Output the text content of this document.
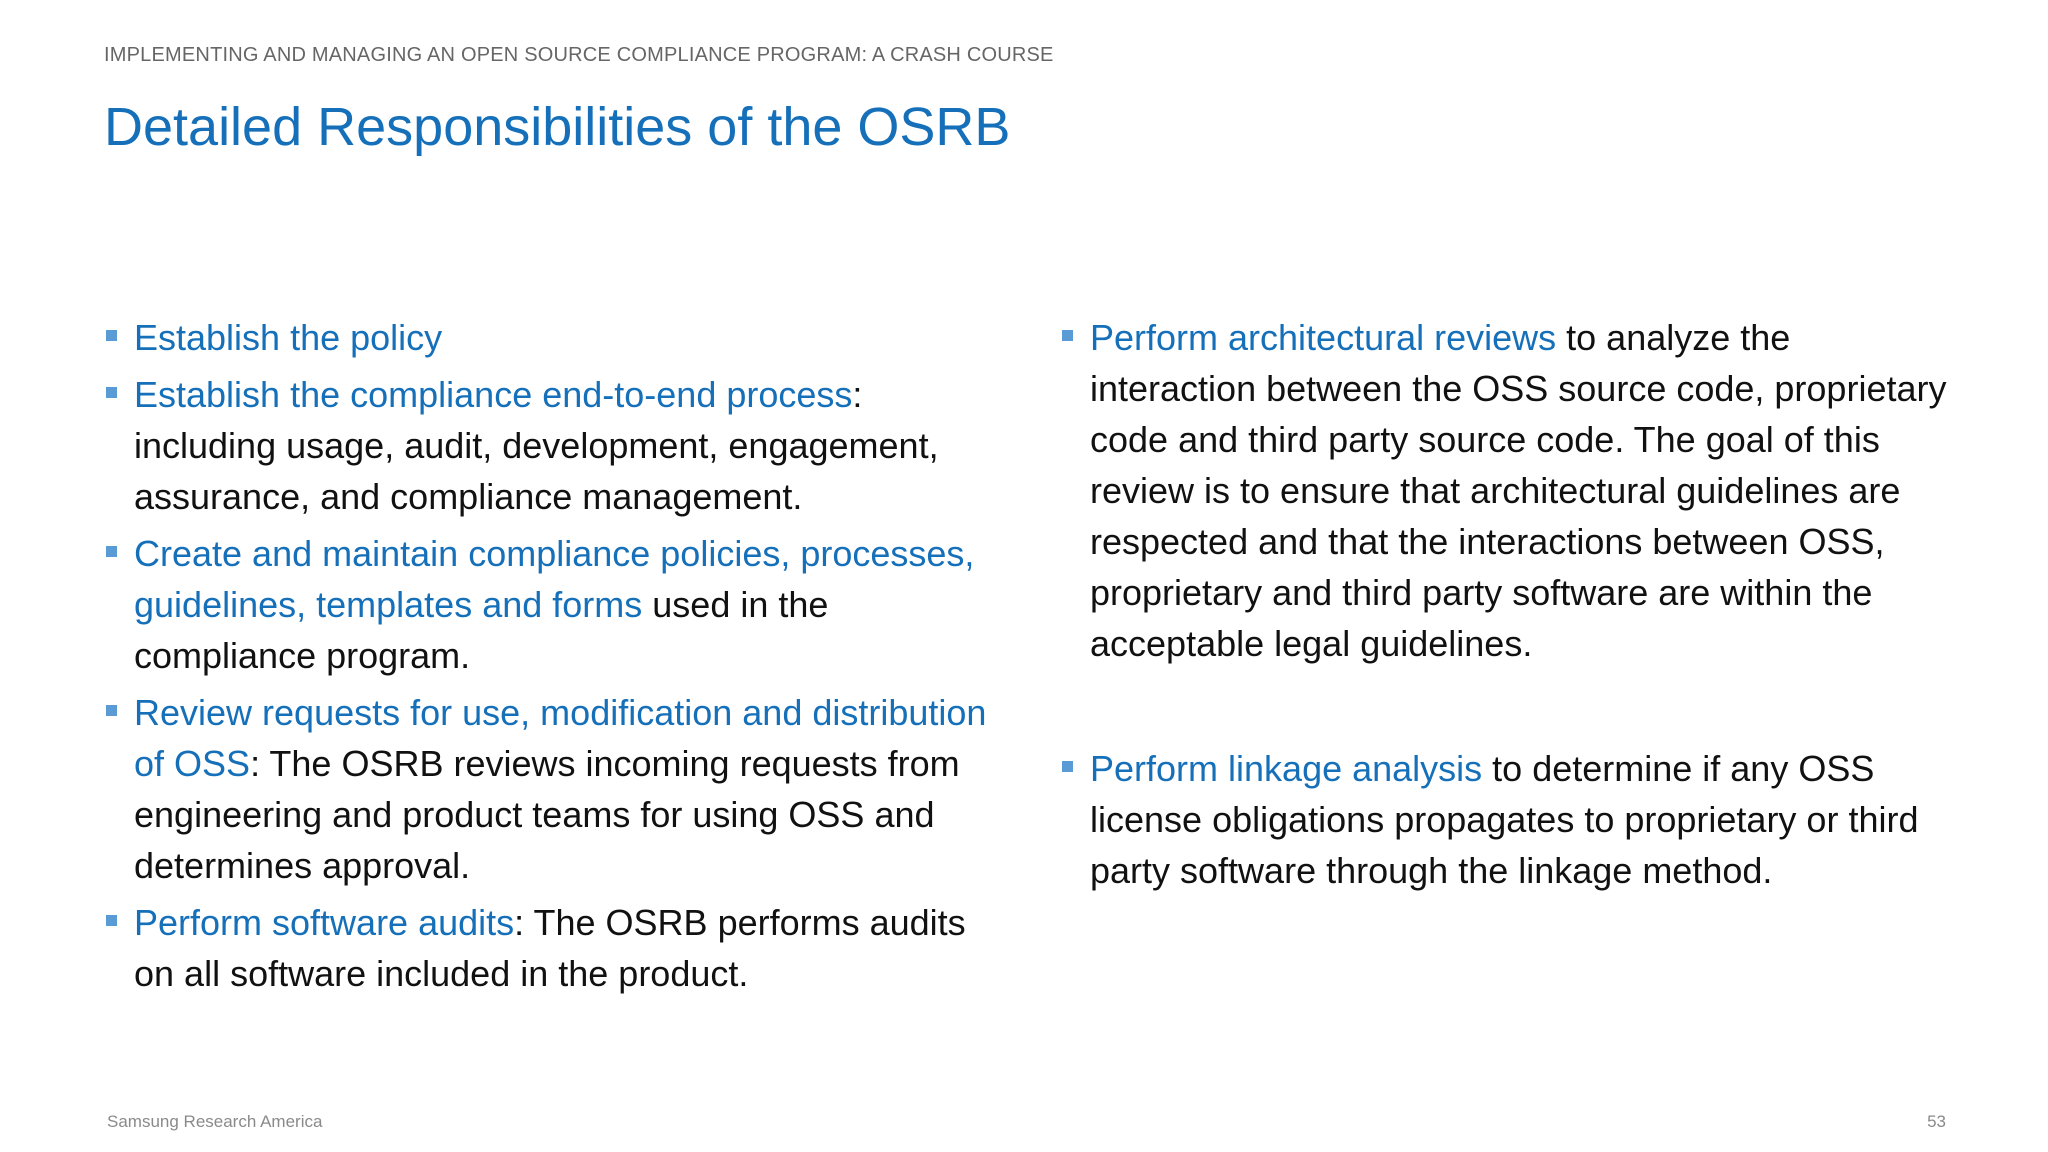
IMPLEMENTING AND MANAGING AN OPEN SOURCE COMPLIANCE PROGRAM: A CRASH COURSE
Detailed Responsibilities of the OSRB
Establish the policy
Establish the compliance end-to-end process: including usage, audit, development, engagement, assurance, and compliance management.
Create and maintain compliance policies, processes, guidelines, templates and forms used in the compliance program.
Review requests for use, modification and distribution of OSS: The OSRB reviews incoming requests from engineering and product teams for using OSS and determines approval.
Perform software audits: The OSRB performs audits on all software included in the product.
Perform architectural reviews to analyze the interaction between the OSS source code, proprietary code and third party source code. The goal of this review is to ensure that architectural guidelines are respected and that the interactions between OSS, proprietary and third party software are within the acceptable legal guidelines.
Perform linkage analysis to determine if any OSS license obligations propagates to proprietary or third party software through the linkage method.
Samsung Research America	53
